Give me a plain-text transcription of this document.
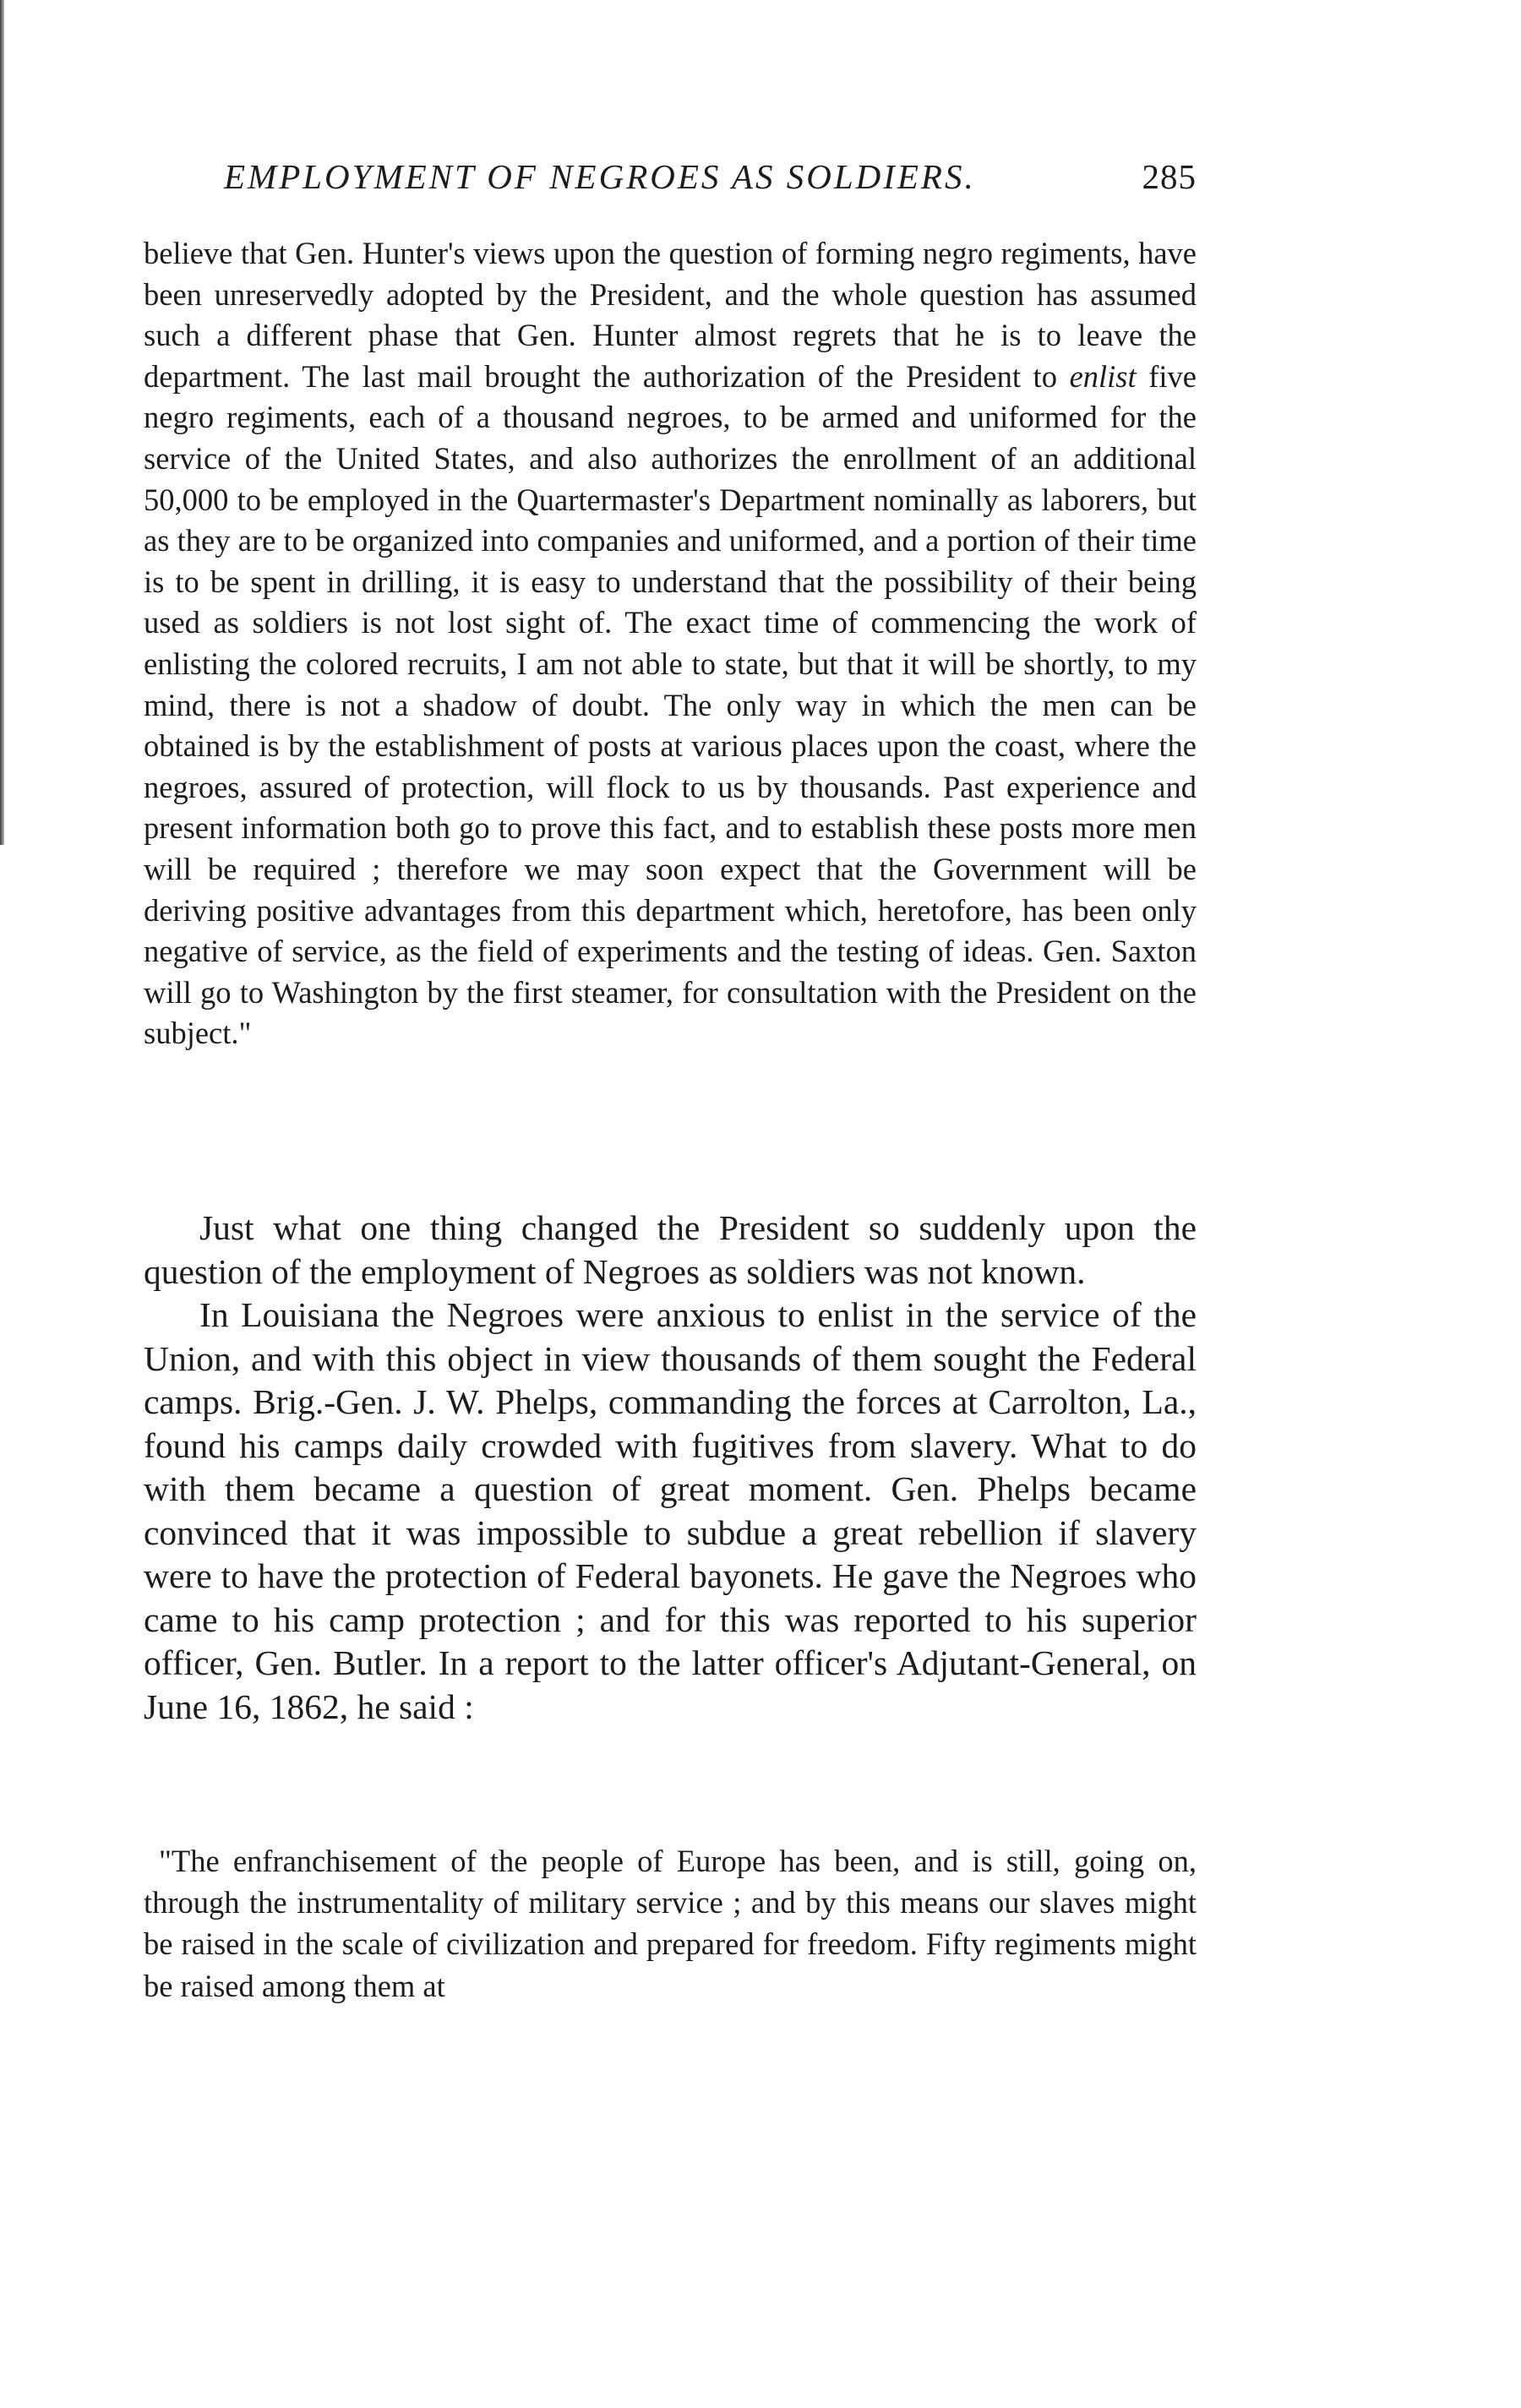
EMPLOYMENT OF NEGROES AS SOLDIERS.	285

believe that Gen. Hunter's views upon the question of forming negro regiments, have been unreservedly adopted by the President, and the whole question has assumed such a different phase that Gen. Hunter almost regrets that he is to leave the department. The last mail brought the authorization of the President to enlist five negro regiments, each of a thousand negroes, to be armed and uniformed for the service of the United States, and also authorizes the enrollment of an additional 50,000 to be employed in the Quartermaster's Department nominally as laborers, but as they are to be organized into companies and uniformed, and a portion of their time is to be spent in drilling, it is easy to understand that the possibility of their being used as soldiers is not lost sight of. The exact time of commencing the work of enlisting the colored recruits, I am not able to state, but that it will be shortly, to my mind, there is not a shadow of doubt. The only way in which the men can be obtained is by the establishment of posts at various places upon the coast, where the negroes, assured of protection, will flock to us by thousands. Past experience and present information both go to prove this fact, and to establish these posts more men will be required ; therefore we may soon expect that the Government will be deriving positive advantages from this department which, heretofore, has been only negative of service, as the field of experiments and the testing of ideas. Gen. Saxton will go to Washington by the first steamer, for consultation with the President on the subject."

Just what one thing changed the President so suddenly upon the question of the employment of Negroes as soldiers was not known.

In Louisiana the Negroes were anxious to enlist in the service of the Union, and with this object in view thousands of them sought the Federal camps. Brig.-Gen. J. W. Phelps, commanding the forces at Carrolton, La., found his camps daily crowded with fugitives from slavery. What to do with them became a question of great moment. Gen. Phelps became convinced that it was impossible to subdue a great rebellion if slavery were to have the protection of Federal bayonets. He gave the Negroes who came to his camp protection ; and for this was reported to his superior officer, Gen. Butler. In a report to the latter officer's Adjutant-General, on June 16, 1862, he said :

"The enfranchisement of the people of Europe has been, and is still, going on, through the instrumentality of military service ; and by this means our slaves might be raised in the scale of civilization and prepared for freedom. Fifty regiments might be raised among them at
